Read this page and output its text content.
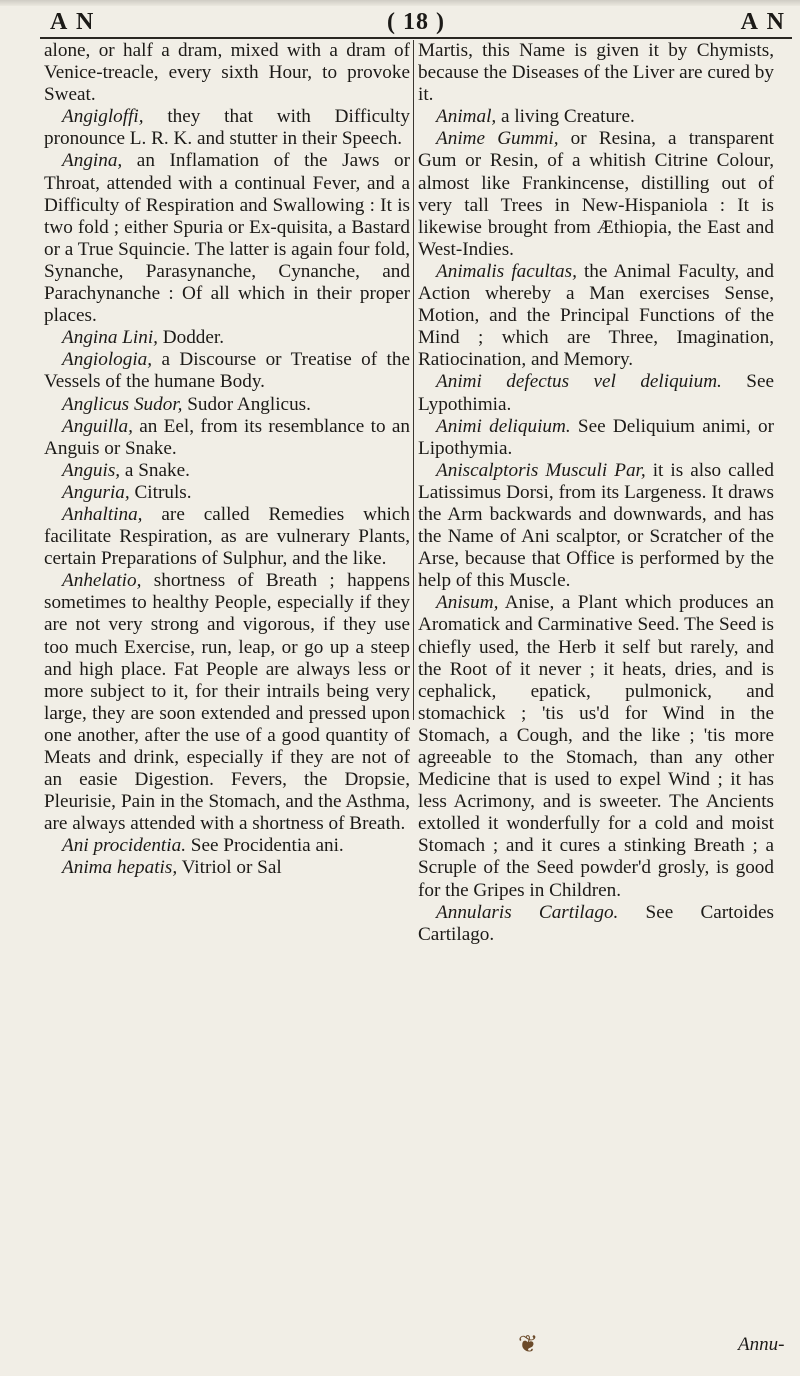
A N	( 18 )	A N

alone, or half a dram, mixed with a dram of Venice-treacle, every sixth Hour, to provoke Sweat.

Angigloffi, they that with Difficulty pronounce L. R. K. and stutter in their Speech.

Angina, an Inflamation of the Jaws or Throat, attended with a continual Fever, and a Difficulty of Respiration and Swallowing : It is two fold ; either Spuria or Ex-quisita, a Bastard or a True Squincie. The latter is again four fold, Synanche, Parasynanche, Cynanche, and Parachynanche : Of all which in their proper places.

Angina Lini, Dodder.

Angiologia, a Discourse or Treatise of the Vessels of the humane Body.

Anglicus Sudor, Sudor Anglicus.

Anguilla, an Eel, from its resemblance to an Anguis or Snake.

Anguis, a Snake.

Anguria, Citruls.

Anhaltina, are called Remedies which facilitate Respiration, as are vulnerary Plants, certain Preparations of Sulphur, and the like.

Anhelatio, shortness of Breath ; happens sometimes to healthy People, especially if they are not very strong and vigorous, if they use too much Exercise, run, leap, or go up a steep and high place. Fat People are always less or more subject to it, for their intrails being very large, they are soon extended and pressed upon one another, after the use of a good quantity of Meats and drink, especially if they are not of an easie Digestion. Fevers, the Dropsie, Pleurisie, Pain in the Stomach, and the Asthma, are always attended with a shortness of Breath.

Ani procidentia. See Procidentia ani.

Anima hepatis, Vitriol or Sal

Martis, this Name is given it by Chymists, because the Diseases of the Liver are cured by it.

Animal, a living Creature.

Anime Gummi, or Resina, a transparent Gum or Resin, of a whitish Citrine Colour, almost like Frankincense, distilling out of very tall Trees in New-Hispaniola : It is likewise brought from Æthiopia, the East and West-Indies.

Animalis facultas, the Animal Faculty, and Action whereby a Man exercises Sense, Motion, and the Principal Functions of the Mind ; which are Three, Imagination, Ratiocination, and Memory.

Animi defectus vel deliquium. See Lypothimia.

Animi deliquium. See Deliquium animi, or Lipothymia.

Aniscalptoris Musculi Par, it is also called Latissimus Dorsi, from its Largeness. It draws the Arm backwards and downwards, and has the Name of Ani scalptor, or Scratcher of the Arse, because that Office is performed by the help of this Muscle.

Anisum, Anise, a Plant which produces an Aromatick and Carminative Seed. The Seed is chiefly used, the Herb it self but rarely, and the Root of it never ; it heats, dries, and is cephalick, epatick, pulmonick, and stomachick ; 'tis us'd for Wind in the Stomach, a Cough, and the like ; 'tis more agreeable to the Stomach, than any other Medicine that is used to expel Wind ; it has less Acrimony, and is sweeter. The Ancients extolled it wonderfully for a cold and moist Stomach ; and it cures a stinking Breath ; a Scruple of the Seed powder'd grosly, is good for the Gripes in Children.

Annularis Cartilago. See Cartoides Cartilago.

❦	Annu-
